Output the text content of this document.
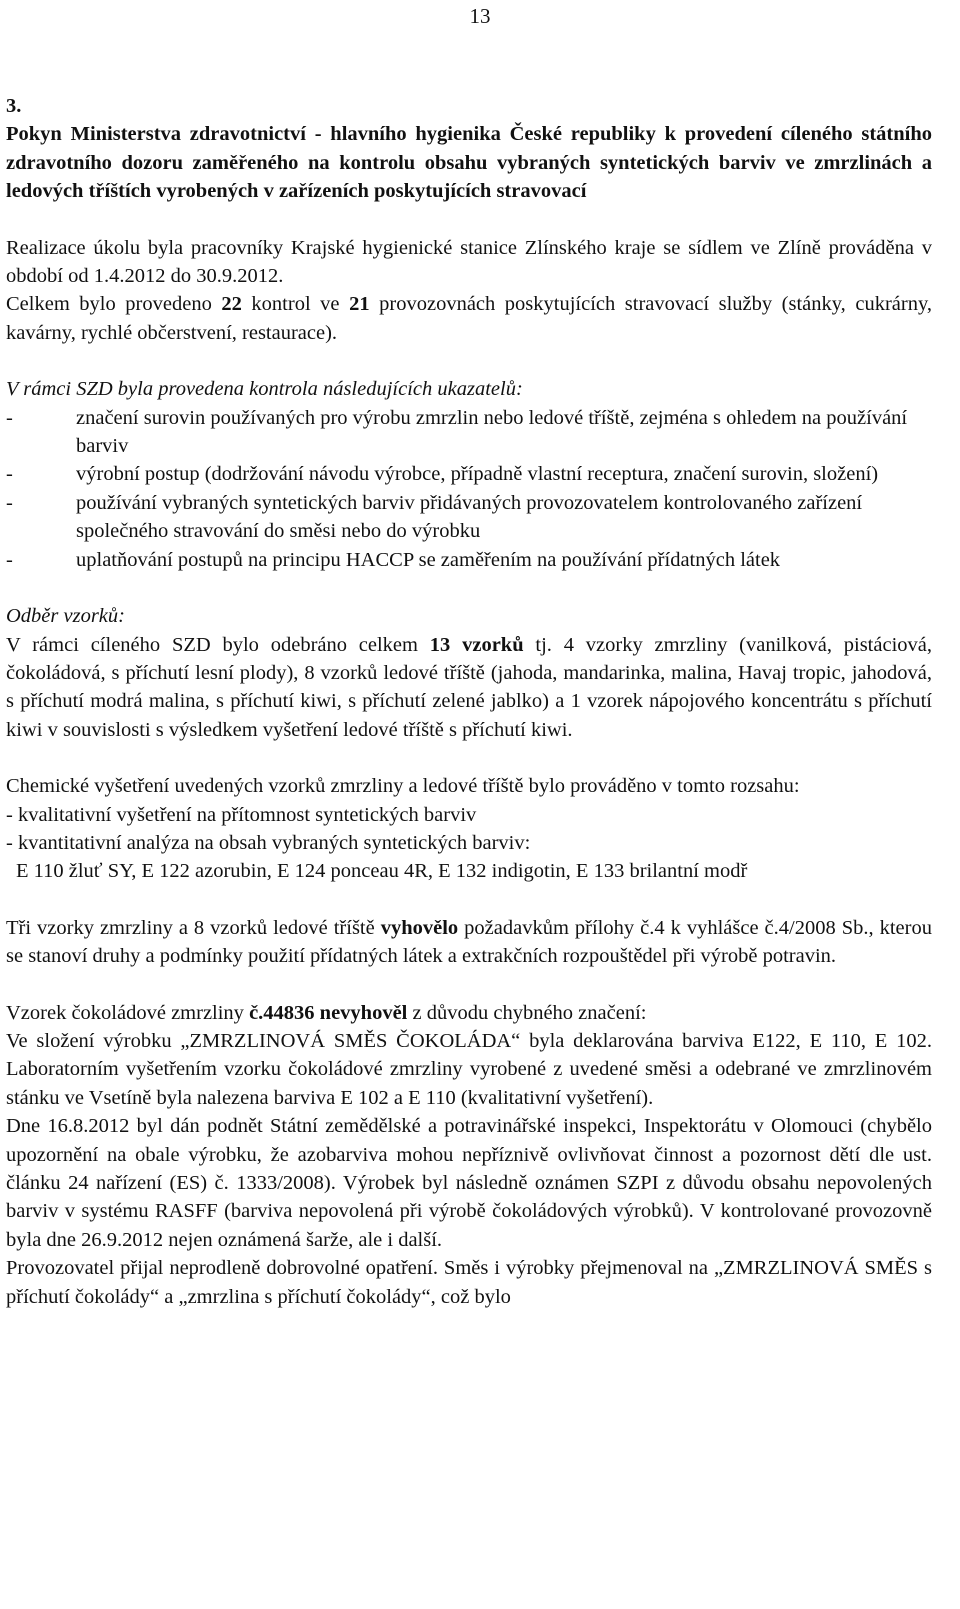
13

3.

Pokyn Ministerstva zdravotnictví - hlavního hygienika České republiky k provedení cíleného státního zdravotního dozoru zaměřeného na kontrolu obsahu vybraných syntetických barviv ve zmrzlinách a ledových tříštích vyrobených v zařízeních poskytujících stravovací

Realizace úkolu byla pracovníky Krajské hygienické stanice Zlínského kraje se sídlem ve Zlíně prováděna v období od 1.4.2012 do 30.9.2012.

Celkem bylo provedeno 22 kontrol ve 21 provozovnách poskytujících stravovací služby (stánky, cukrárny, kavárny, rychlé občerstvení, restaurace).

V rámci SZD byla provedena kontrola následujících ukazatelů:

-	značení surovin používaných pro výrobu zmrzlin nebo ledové tříště, zejména s ohledem na používání barviv
-	výrobní postup (dodržování návodu výrobce, případně vlastní receptura, značení surovin, složení)
-	používání vybraných syntetických barviv přidávaných provozovatelem kontrolovaného zařízení společného stravování do směsi nebo do výrobku
-	uplatňování postupů na principu HACCP se zaměřením na používání přídatných látek

Odběr vzorků:

V rámci cíleného SZD bylo odebráno celkem 13 vzorků tj. 4 vzorky zmrzliny (vanilková, pistáciová, čokoládová, s příchutí lesní plody), 8 vzorků ledové tříště (jahoda, mandarinka, malina, Havaj tropic, jahodová, s příchutí modrá malina, s příchutí kiwi, s příchutí zelené jablko) a 1 vzorek nápojového koncentrátu s příchutí kiwi v souvislosti s výsledkem vyšetření ledové tříště s příchutí kiwi.

Chemické vyšetření uvedených vzorků zmrzliny a ledové tříště bylo prováděno v tomto rozsahu:

- kvalitativní vyšetření na přítomnost syntetických barviv

- kvantitativní analýza na obsah vybraných syntetických barviv:

E 110 žluť SY, E 122 azorubin, E 124 ponceau 4R, E 132 indigotin, E 133 brilantní modř

Tři vzorky zmrzliny a 8 vzorků ledové tříště vyhovělo požadavkům přílohy č.4 k vyhlášce č.4/2008 Sb., kterou se stanoví druhy a podmínky použití přídatných látek a extrakčních rozpouštědel při výrobě potravin.

Vzorek čokoládové zmrzliny č.44836 nevyhověl z důvodu chybného značení:

Ve složení výrobku „ZMRZLINOVÁ SMĚS ČOKOLÁDA“ byla deklarována barviva E122, E 110, E 102. Laboratorním vyšetřením vzorku čokoládové zmrzliny vyrobené z uvedené směsi a odebrané ve zmrzlinovém stánku ve Vsetíně byla nalezena barviva E 102 a E 110 (kvalitativní vyšetření).

Dne 16.8.2012 byl dán podnět Státní zemědělské a potravinářské inspekci, Inspektorátu v Olomouci (chybělo upozornění na obale výrobku, že azobarviva mohou nepříznivě ovlivňovat činnost a pozornost dětí dle ust. článku 24 nařízení (ES) č. 1333/2008). Výrobek byl následně oznámen SZPI z důvodu obsahu nepovolených barviv v systému RASFF (barviva nepovolená při výrobě čokoládových výrobků). V kontrolované provozovně byla dne 26.9.2012 nejen oznámená šarže, ale i další.

Provozovatel přijal neprodleně dobrovolné opatření. Směs i výrobky přejmenoval na „ZMRZLINOVÁ SMĚS s příchutí čokolády“ a „zmrzlina s příchutí čokolády“, což bylo
